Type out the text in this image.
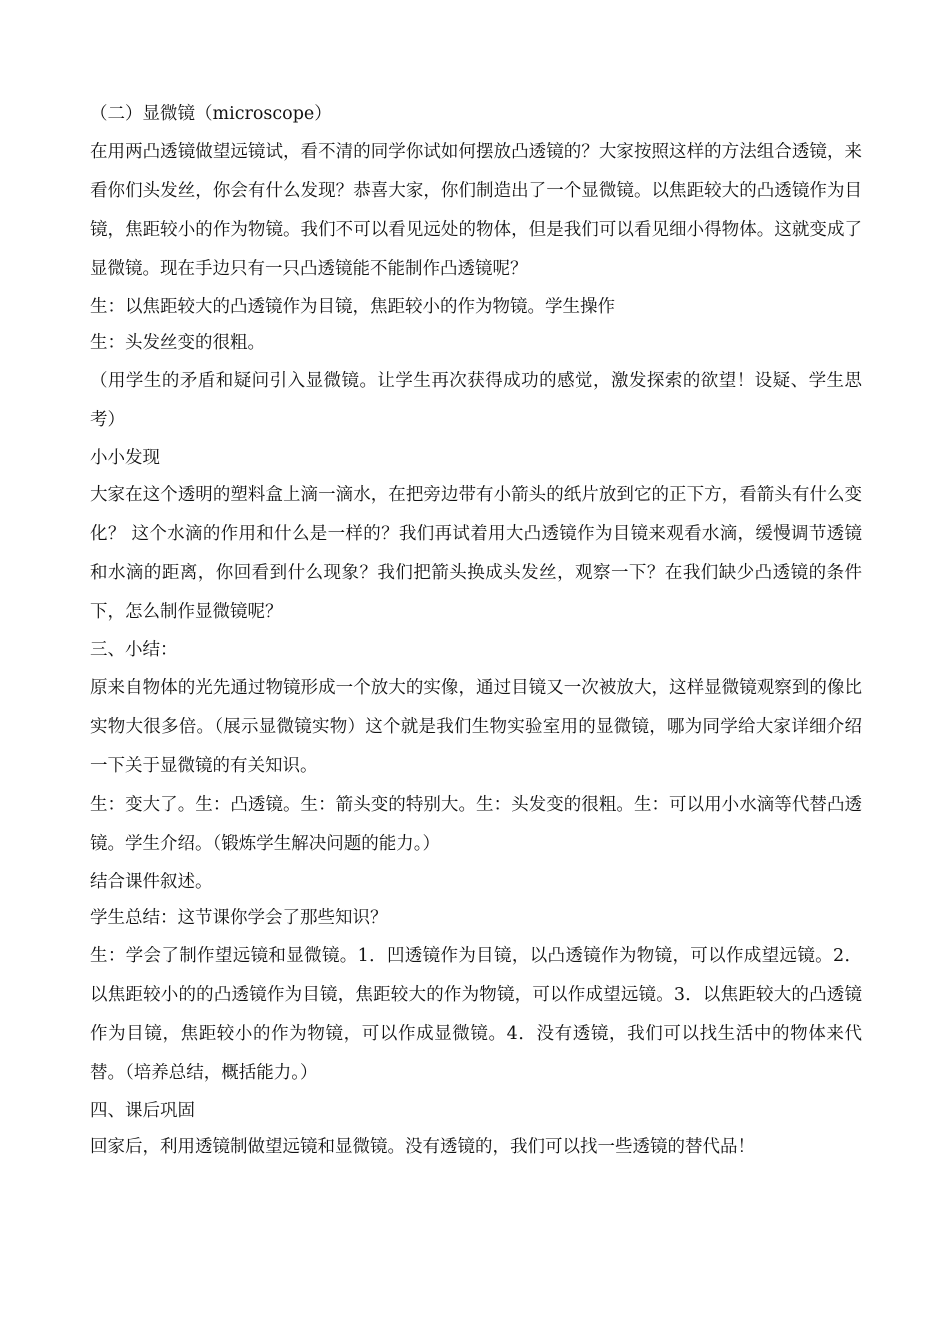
（二）显微镜（microscope）

在用两凸透镜做望远镜试，看不清的同学你试如何摆放凸透镜的？大家按照这样的方法组合透镜，来看你们头发丝，你会有什么发现？恭喜大家，你们制造出了一个显微镜。以焦距较大的凸透镜作为目镜，焦距较小的作为物镜。我们不可以看见远处的物体，但是我们可以看见细小得物体。这就变成了显微镜。现在手边只有一只凸透镜能不能制作凸透镜呢？

生：以焦距较大的凸透镜作为目镜，焦距较小的作为物镜。学生操作

生：头发丝变的很粗。

（用学生的矛盾和疑问引入显微镜。让学生再次获得成功的感觉，激发探索的欲望！设疑、学生思考）

小小发现

大家在这个透明的塑料盒上滴一滴水，在把旁边带有小箭头的纸片放到它的正下方，看箭头有什么变化？ 这个水滴的作用和什么是一样的？我们再试着用大凸透镜作为目镜来观看水滴，缓慢调节透镜和水滴的距离，你回看到什么现象？我们把箭头换成头发丝，观察一下？在我们缺少凸透镜的条件下，怎么制作显微镜呢？

三、小结：

原来自物体的光先通过物镜形成一个放大的实像，通过目镜又一次被放大，这样显微镜观察到的像比实物大很多倍。（展示显微镜实物）这个就是我们生物实验室用的显微镜，哪为同学给大家详细介绍一下关于显微镜的有关知识。

生：变大了。生：凸透镜。生：箭头变的特别大。生：头发变的很粗。生：可以用小水滴等代替凸透镜。学生介绍。（锻炼学生解决问题的能力。）

结合课件叙述。

学生总结：这节课你学会了那些知识？

生：学会了制作望远镜和显微镜。1．凹透镜作为目镜，以凸透镜作为物镜，可以作成望远镜。2．以焦距较小的的凸透镜作为目镜，焦距较大的作为物镜，可以作成望远镜。3．以焦距较大的凸透镜作为目镜，焦距较小的作为物镜，可以作成显微镜。4．没有透镜，我们可以找生活中的物体来代替。（培养总结，概括能力。）

四、课后巩固

回家后，利用透镜制做望远镜和显微镜。没有透镜的，我们可以找一些透镜的替代品！
